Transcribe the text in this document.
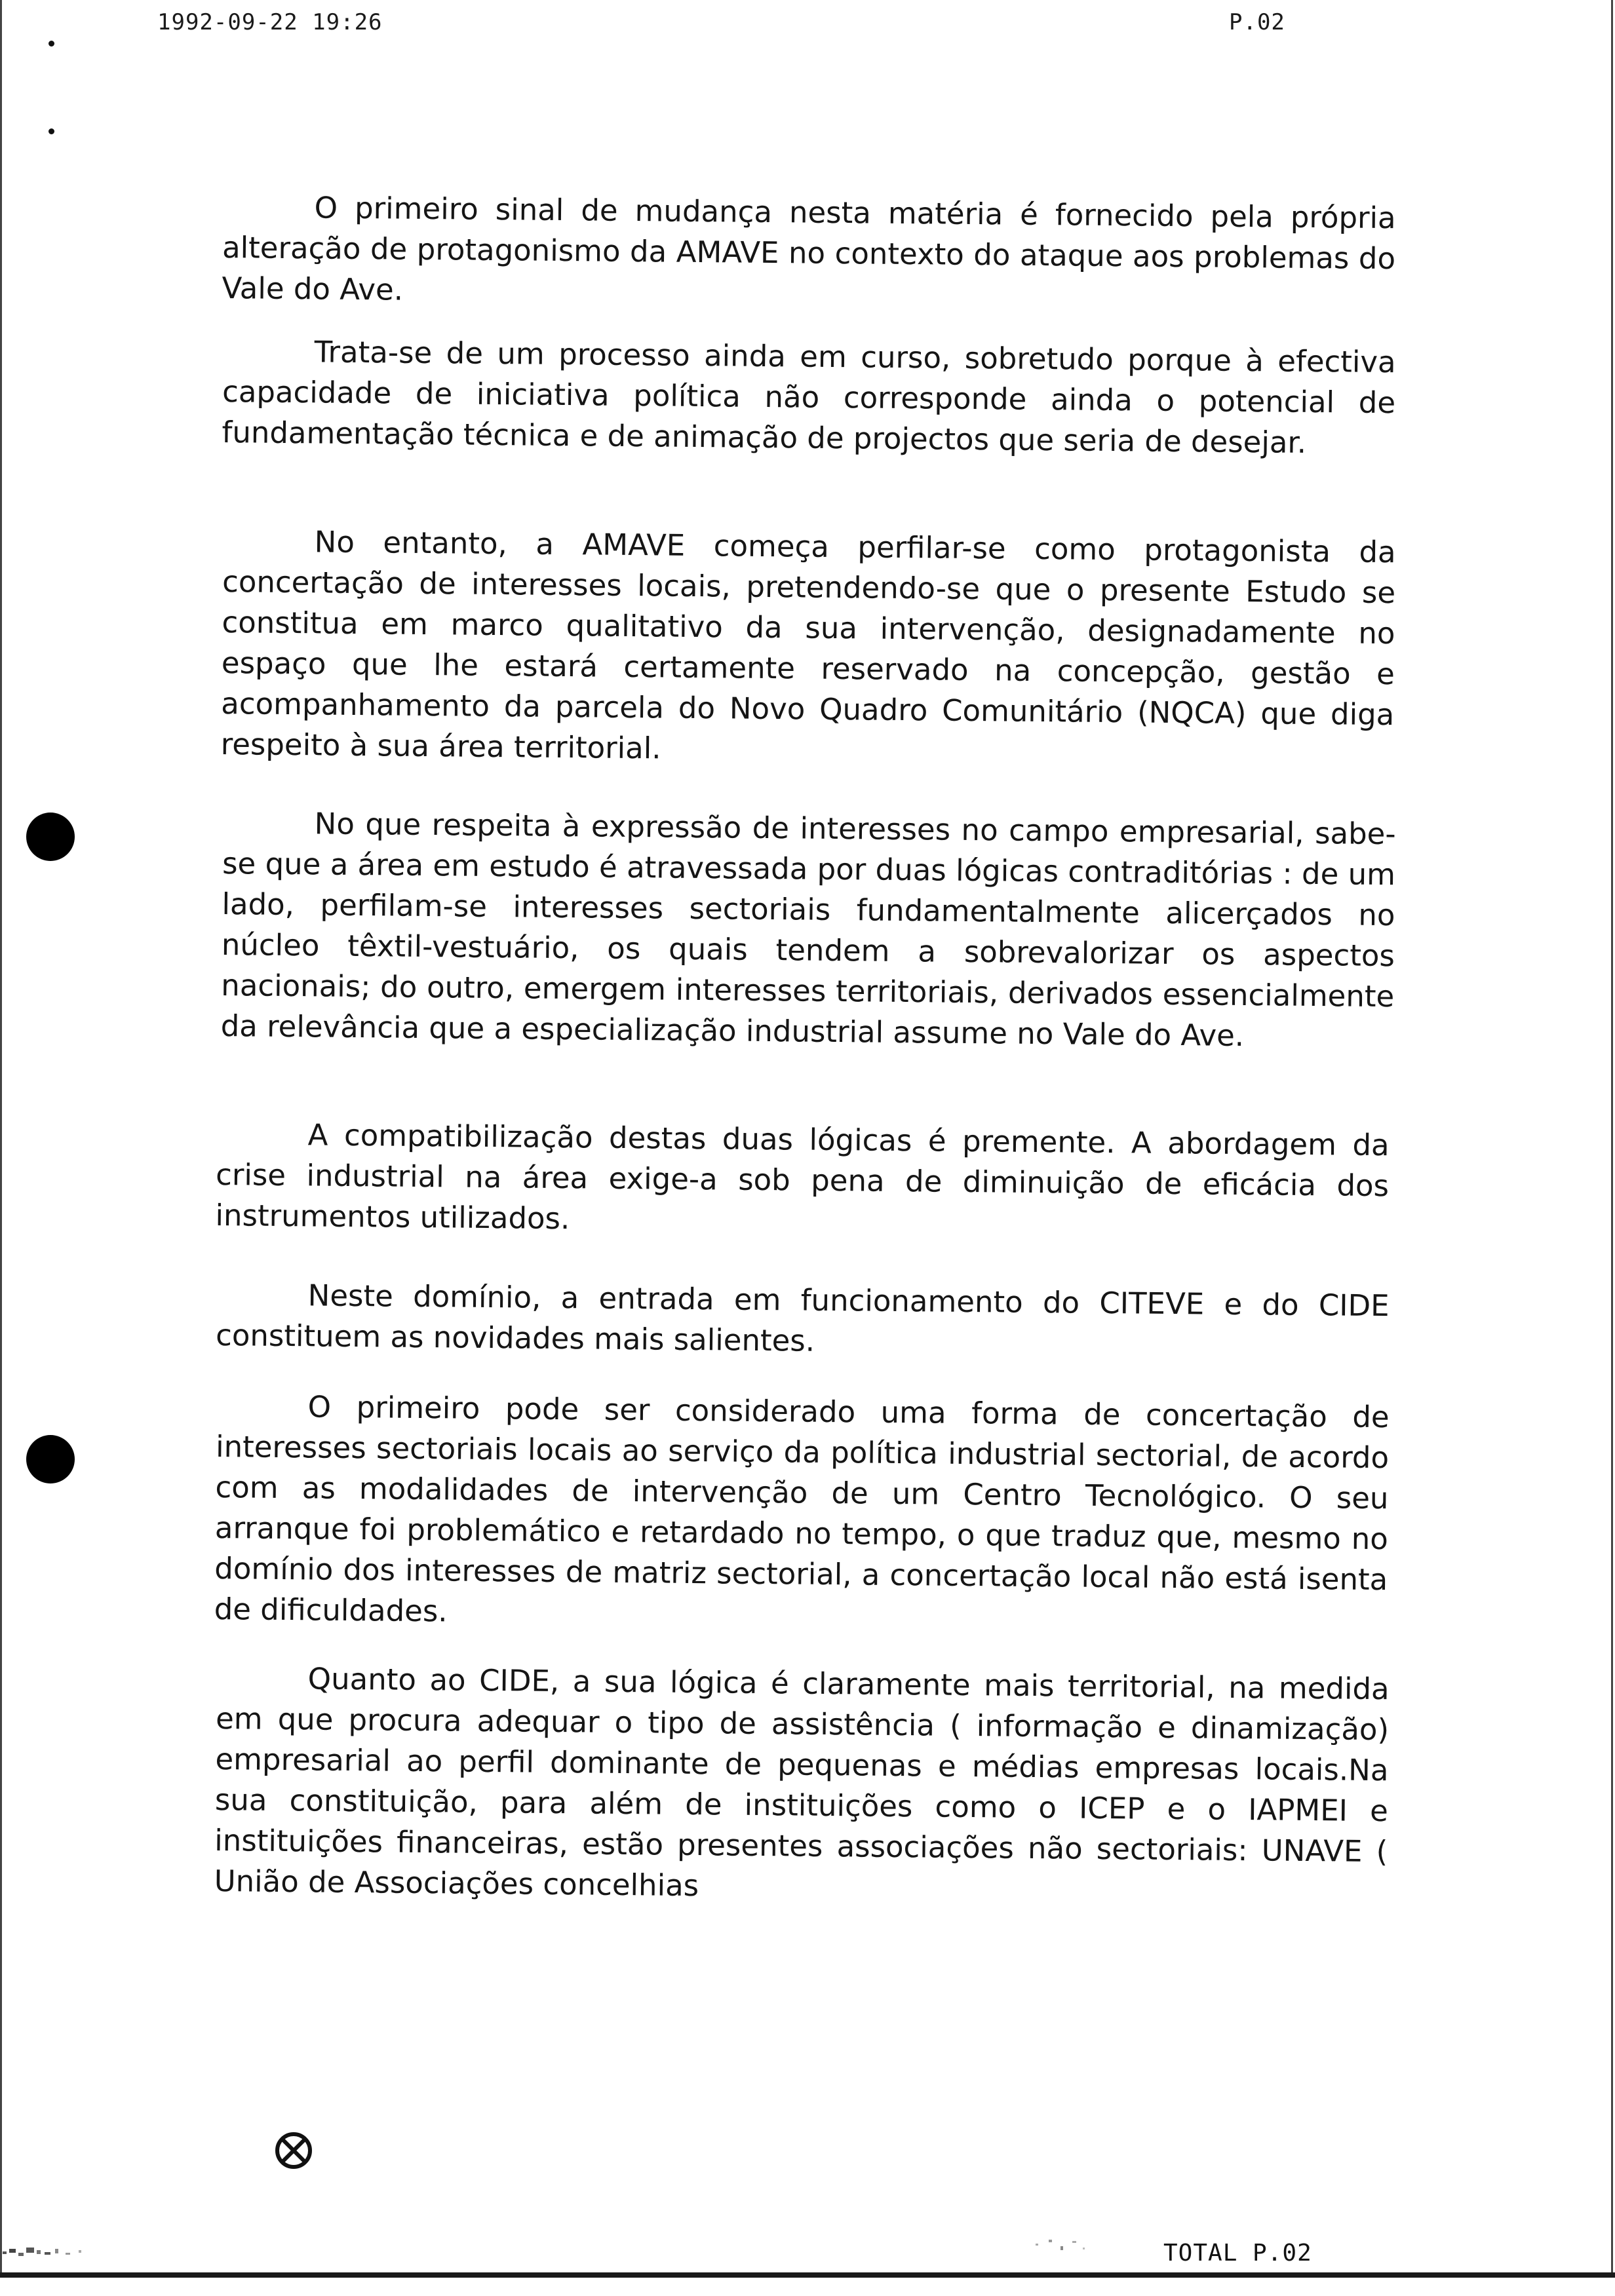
1992-09-22 19:26	P.02

O primeiro sinal de mudança nesta matéria é fornecido pela própria alteração de protagonismo da AMAVE no contexto do ataque aos problemas do Vale do Ave.

Trata-se de um processo ainda em curso, sobretudo porque à efectiva capacidade de iniciativa política não corresponde ainda o potencial de fundamentação técnica e de animação de projectos que seria de desejar.

No entanto, a AMAVE começa perfilar-se como protagonista da concertação de interesses locais, pretendendo-se que o presente Estudo se constitua em marco qualitativo da sua intervenção, designadamente no espaço que lhe estará certamente reservado na concepção, gestão e acompanhamento da parcela do Novo Quadro Comunitário (NQCA) que diga respeito à sua área territorial.

No que respeita à expressão de interesses no campo empresarial, sabe-se que a área em estudo é atravessada por duas lógicas contraditórias : de um lado, perfilam-se interesses sectoriais fundamentalmente alicerçados no núcleo têxtil-vestuário, os quais tendem a sobrevalorizar os aspectos nacionais; do outro, emergem interesses territoriais, derivados essencialmente da relevância que a especialização industrial assume no Vale do Ave.

A compatibilização destas duas lógicas é premente. A abordagem da crise industrial na área exige-a sob pena de diminuição de eficácia dos instrumentos utilizados.

Neste domínio, a entrada em funcionamento do CITEVE e do CIDE constituem as novidades mais salientes.

O primeiro pode ser considerado uma forma de concertação de interesses sectoriais locais ao serviço da política industrial sectorial, de acordo com as modalidades de intervenção de um Centro Tecnológico. O seu arranque foi problemático e retardado no tempo, o que traduz que, mesmo no domínio dos interesses de matriz sectorial, a concertação local não está isenta de dificuldades.

Quanto ao CIDE, a sua lógica é claramente mais territorial, na medida em que procura adequar o tipo de assistência ( informação e dinamização) empresarial ao perfil dominante de pequenas e médias empresas locais.Na sua constituição, para além de instituições como o ICEP e o IAPMEI e instituições financeiras, estão presentes associações não sectoriais: UNAVE ( União de Associações concelhias

TOTAL P.02
